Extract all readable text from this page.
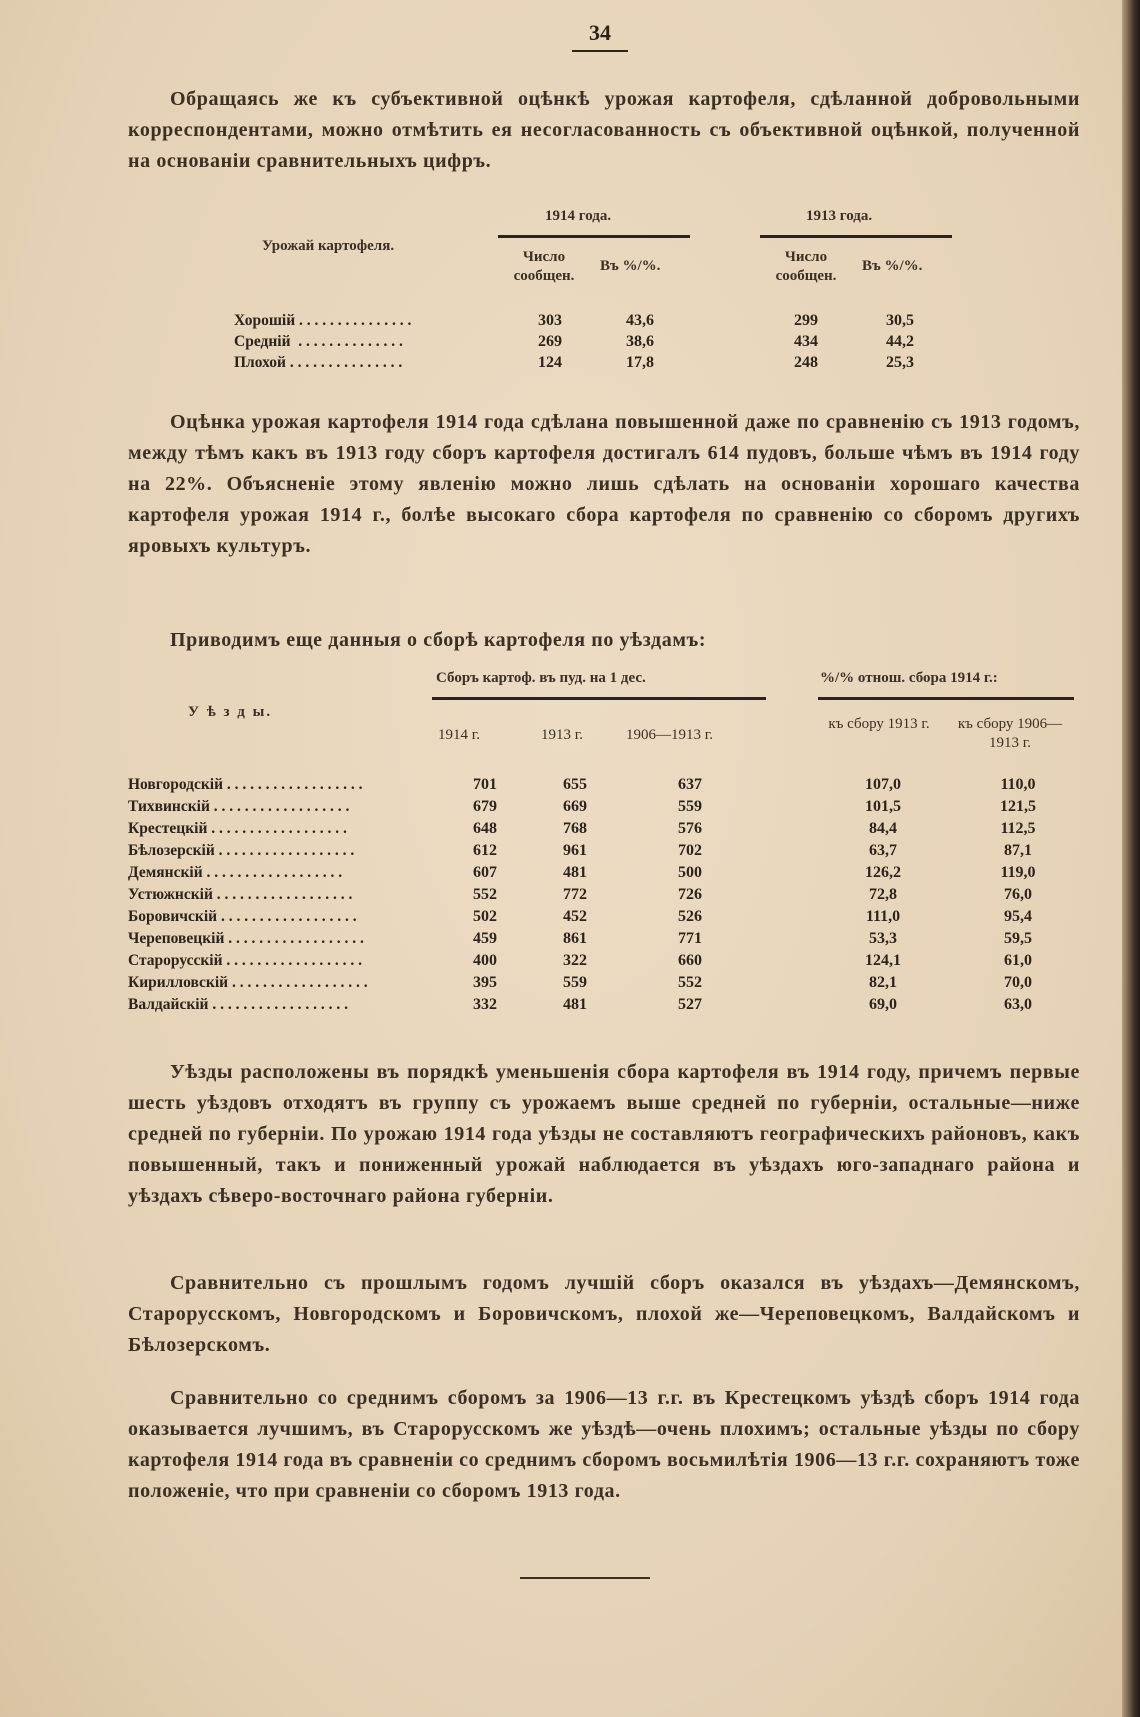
34
Обращаясь же къ субъективной оцѣнкѣ урожая картофеля, сдѣланной добровольными корреспондентами, можно отмѣтить ея несогласованность съ объективной оцѣнкой, полученной на основаніи сравнительныхъ цифръ.
Урожай картофеля.
1914 года.	1913 года.
Число сообщен.
Въ %/%.
Число сообщен.
Въ %/%.
Хорошій . . . . . . . . . . . . . . .	303	43,6	299	30,5
Средній  . . . . . . . . . . . . . .	269	38,6	434	44,2
Плохой . . . . . . . . . . . . . . .	124	17,8	248	25,3
Оцѣнка урожая картофеля 1914 года сдѣлана повышенной даже по сравненію съ 1913 годомъ, между тѣмъ какъ въ 1913 году сборъ картофеля достигалъ 614 пудовъ, больше чѣмъ въ 1914 году на 22%. Объясненіе этому явленію можно лишь сдѣлать на основаніи хорошаго качества картофеля урожая 1914 г., болѣе высокаго сбора картофеля по сравненію со сборомъ другихъ яровыхъ культуръ.
Приводимъ еще данныя о сборѣ картофеля по уѣздамъ:
Сборъ картоф. въ пуд. на 1 дес.	%/% отнош. сбора 1914 г.:
У ѣ з д ы.
1914 г.	1913 г.	1906—1913 г.
къ сбору 1913 г.	къ сбору 1906—1913 г.
Новгородскій . . . . . . . . . . . . . . . . . .	701	655	637	107,0	110,0
Тихвинскій . . . . . . . . . . . . . . . . . .	679	669	559	101,5	121,5
Крестецкій . . . . . . . . . . . . . . . . . .	648	768	576	84,4	112,5
Бѣлозерскій . . . . . . . . . . . . . . . . . .	612	961	702	63,7	87,1
Демянскій . . . . . . . . . . . . . . . . . .	607	481	500	126,2	119,0
Устюжнскій . . . . . . . . . . . . . . . . . .	552	772	726	72,8	76,0
Боровичскій . . . . . . . . . . . . . . . . . .	502	452	526	111,0	95,4
Череповецкій . . . . . . . . . . . . . . . . . .	459	861	771	53,3	59,5
Старорусскій . . . . . . . . . . . . . . . . . .	400	322	660	124,1	61,0
Кирилловскій . . . . . . . . . . . . . . . . . .	395	559	552	82,1	70,0
Валдайскій . . . . . . . . . . . . . . . . . .	332	481	527	69,0	63,0
Уѣзды расположены въ порядкѣ уменьшенія сбора картофеля въ 1914 году, причемъ первые шесть уѣздовъ отходятъ въ группу съ урожаемъ выше средней по губерніи, остальные—ниже средней по губерніи. По урожаю 1914 года уѣзды не составляютъ географическихъ районовъ, какъ повышенный, такъ и пониженный урожай наблюдается въ уѣздахъ юго-западнаго района и уѣздахъ сѣверо-восточнаго района губерніи.
Сравнительно съ прошлымъ годомъ лучшій сборъ оказался въ уѣздахъ—Демянскомъ, Старорусскомъ, Новгородскомъ и Боровичскомъ, плохой же—Череповецкомъ, Валдайскомъ и Бѣлозерскомъ.
Сравнительно со среднимъ сборомъ за 1906—13 г.г. въ Крестецкомъ уѣздѣ сборъ 1914 года оказывается лучшимъ, въ Старорусскомъ же уѣздѣ—очень плохимъ; остальные уѣзды по сбору картофеля 1914 года въ сравненіи со среднимъ сборомъ восьмилѣтія 1906—13 г.г. сохраняютъ тоже положеніе, что при сравненіи со сборомъ 1913 года.
